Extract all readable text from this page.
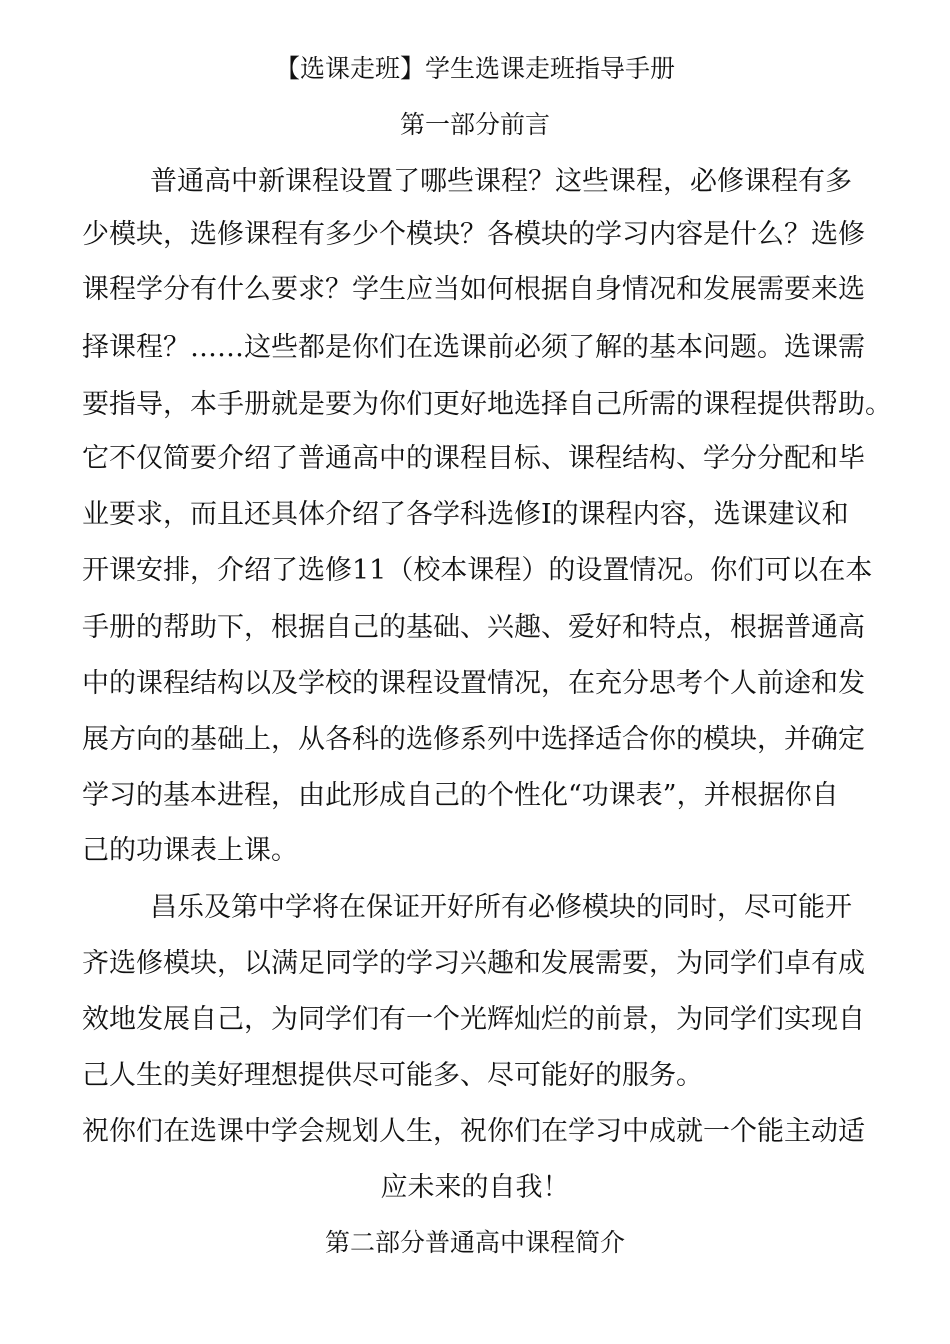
【选课走班】学生选课走班指导手册
第一部分前言
普通高中新课程设置了哪些课程？这些课程，必修课程有多
少模块，选修课程有多少个模块？各模块的学习内容是什么？选修
课程学分有什么要求？学生应当如何根据自身情况和发展需要来选
择课程？……这些都是你们在选课前必须了解的基本问题。选课需
要指导，本手册就是要为你们更好地选择自己所需的课程提供帮助。
它不仅简要介绍了普通高中的课程目标、课程结构、学分分配和毕
业要求，而且还具体介绍了各学科选修I的课程内容，选课建议和
开课安排，介绍了选修11（校本课程）的设置情况。你们可以在本
手册的帮助下，根据自己的基础、兴趣、爱好和特点，根据普通高
中的课程结构以及学校的课程设置情况，在充分思考个人前途和发
展方向的基础上，从各科的选修系列中选择适合你的模块，并确定
学习的基本进程，由此形成自己的个性化“功课表”，并根据你自
己的功课表上课。
昌乐及第中学将在保证开好所有必修模块的同时，尽可能开
齐选修模块，以满足同学的学习兴趣和发展需要，为同学们卓有成
效地发展自己，为同学们有一个光辉灿烂的前景，为同学们实现自
己人生的美好理想提供尽可能多、尽可能好的服务。
祝你们在选课中学会规划人生，祝你们在学习中成就一个能主动适
应未来的自我！
第二部分普通高中课程简介
